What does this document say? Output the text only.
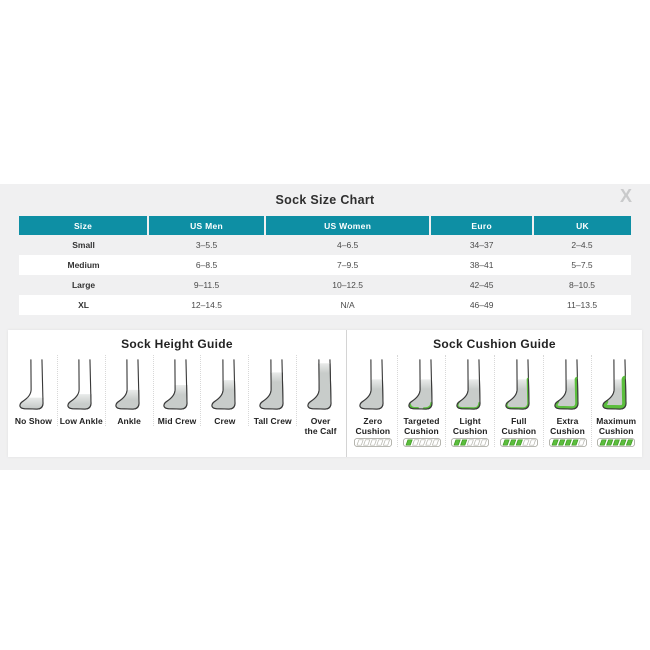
X
Sock Size Chart
Size	US Men	US Women	Euro	UK
Small	3–5.5	4–6.5	34–37	2–4.5
Medium	6–8.5	7–9.5	38–41	5–7.5
Large	9–11.5	10–12.5	42–45	8–10.5
XL	12–14.5	N/A	46–49	11–13.5
Sock Height Guide
No Show Low Ankle Ankle Mid Crew Crew Tall Crew	Over
the Calf
Sock Cushion Guide
Zero
Cushion
Targeted
Cushion
Light
Cushion
Full
Cushion
Extra
Cushion
Maximum
Cushion
